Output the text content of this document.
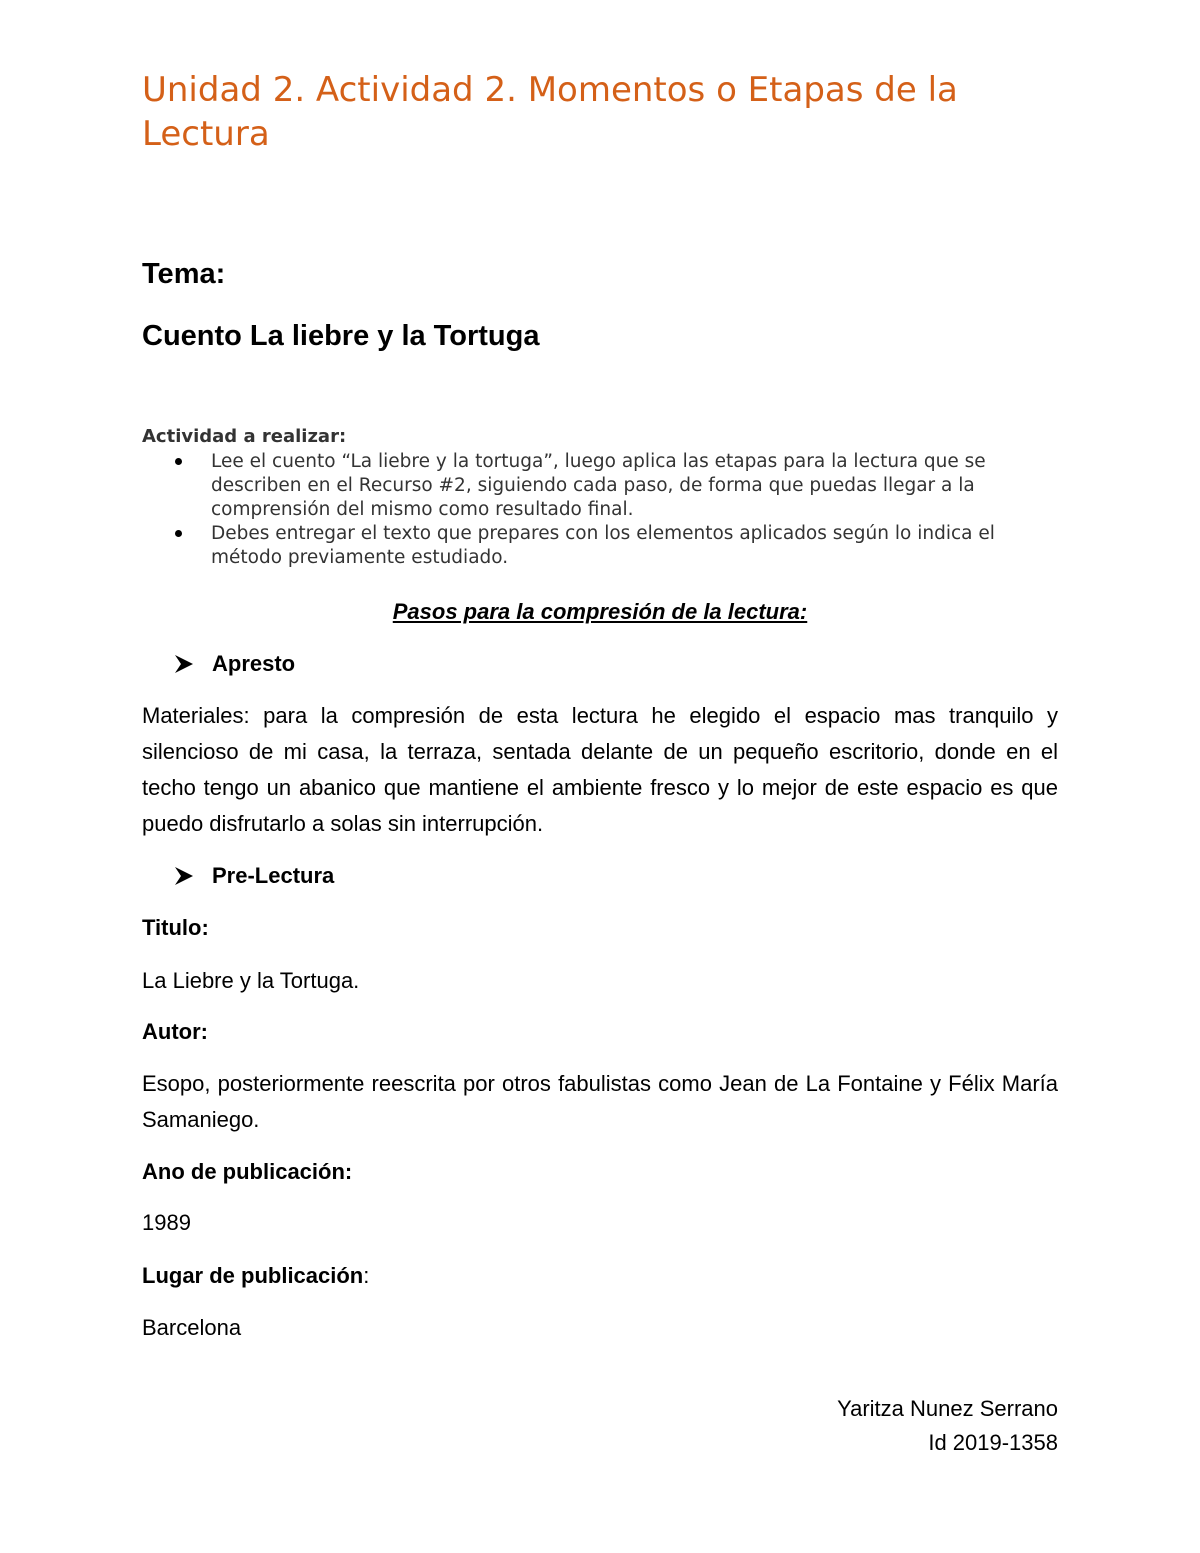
Unidad 2. Actividad 2. Momentos o Etapas de la Lectura
Tema:
Cuento La liebre y la Tortuga
Actividad a realizar:
Lee el cuento “La liebre y la tortuga”, luego aplica las etapas para la lectura que se describen en el Recurso #2, siguiendo cada paso, de forma que puedas llegar a la comprensión del mismo como resultado final.
Debes entregar el texto que prepares con los elementos aplicados según lo indica el método previamente estudiado.
Pasos para la compresión de la lectura:
Apresto

Materiales: para la compresión de esta lectura he elegido el espacio mas tranquilo y silencioso de mi casa, la terraza, sentada delante de un pequeño escritorio, donde en el techo tengo un abanico que mantiene el ambiente fresco y lo mejor de este espacio es que puedo disfrutarlo a solas sin interrupción.

Pre-Lectura
Titulo:
La Liebre y la Tortuga.
Autor:

Esopo, posteriormente reescrita por otros fabulistas como Jean de La Fontaine y Félix María Samaniego.

Ano de publicación:
1989
Lugar de publicación:
Barcelona
Yaritza Nunez Serrano
Id 2019-1358
